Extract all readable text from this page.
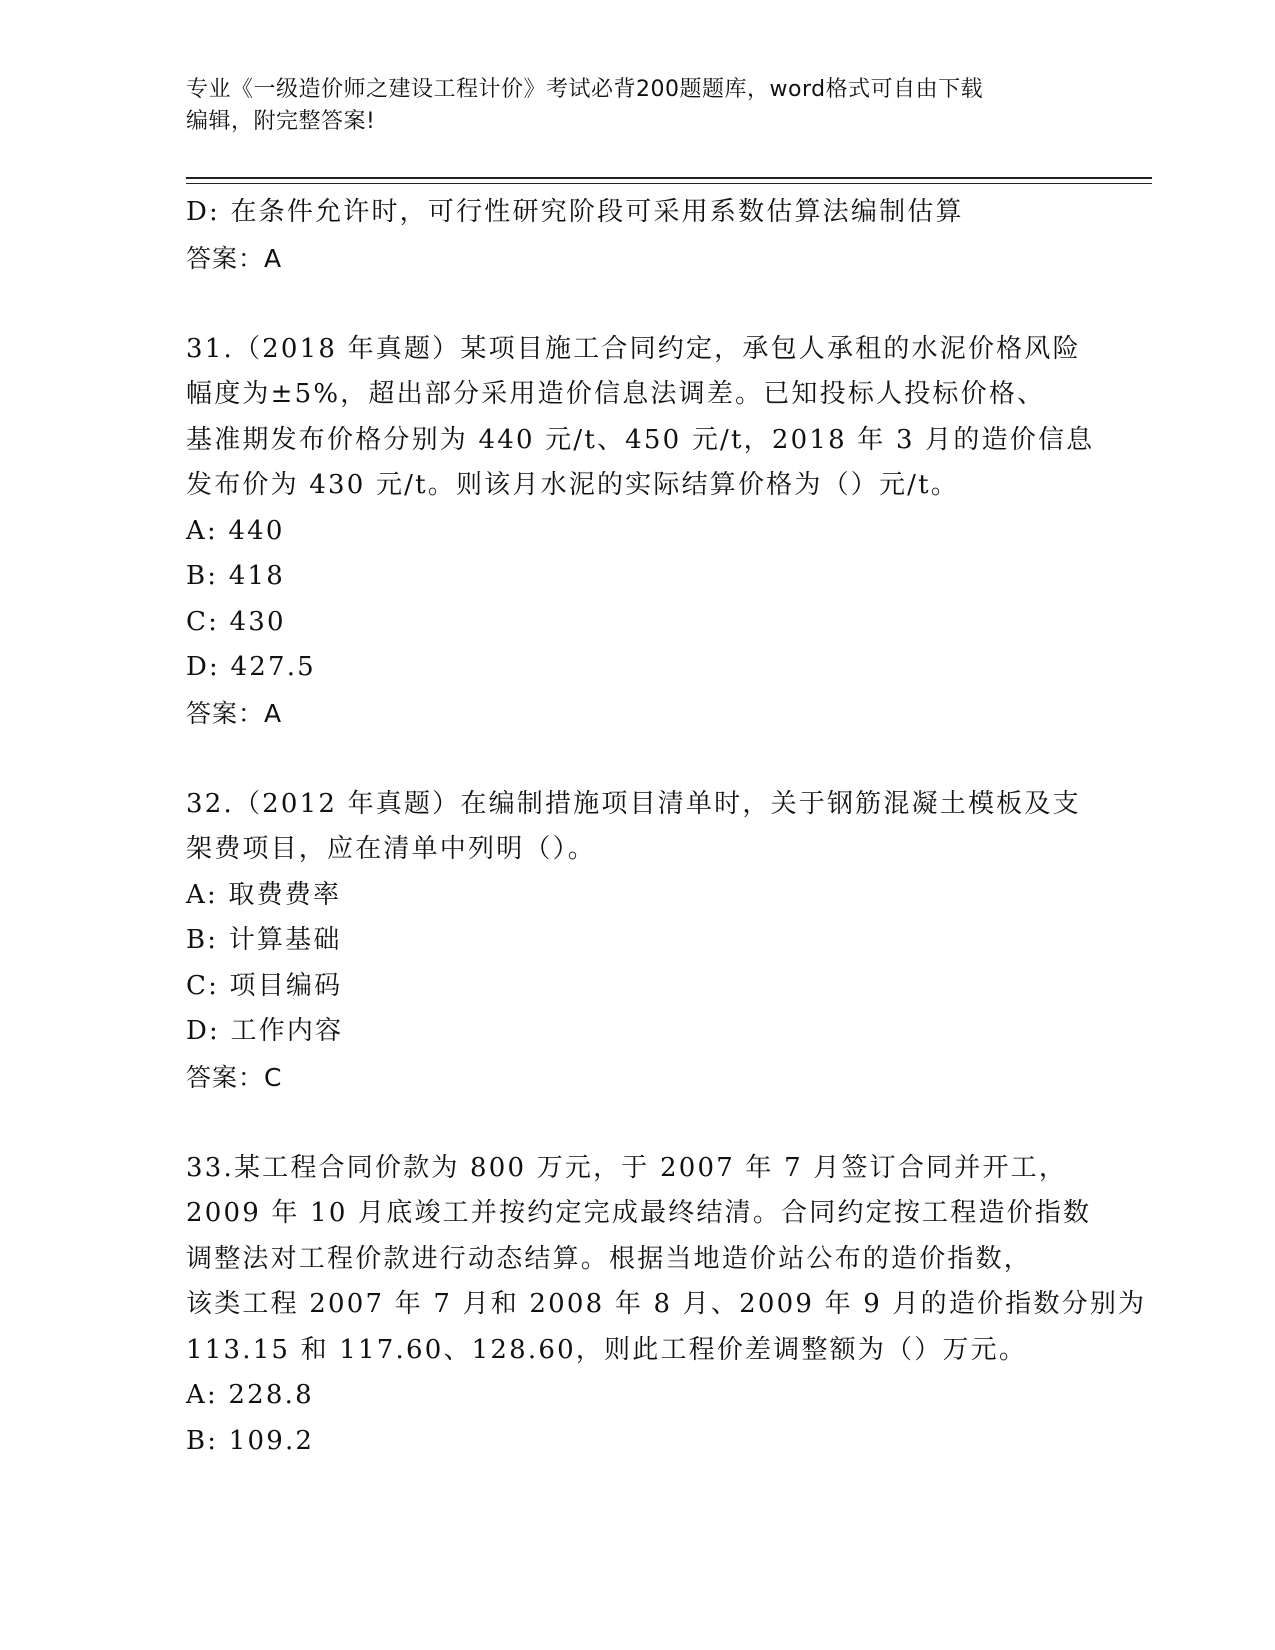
专业《一级造价师之建设工程计价》考试必背200题题库，word格式可自由下载
编辑，附完整答案!
D: 在条件允许时，可行性研究阶段可采用系数估算法编制估算
答案：A
31.（2018 年真题）某项目施工合同约定，承包人承租的水泥价格风险
幅度为±5%，超出部分采用造价信息法调差。已知投标人投标价格、
基准期发布价格分别为 440 元/t、450 元/t，2018 年 3 月的造价信息
发布价为 430 元/t。则该月水泥的实际结算价格为（）元/t。
A: 440
B: 418
C: 430
D: 427.5
答案：A
32.（2012 年真题）在编制措施项目清单时，关于钢筋混凝土模板及支
架费项目，应在清单中列明（）。
A: 取费费率
B: 计算基础
C: 项目编码
D: 工作内容
答案：C
33.某工程合同价款为 800 万元，于 2007 年 7 月签订合同并开工，
2009 年 10 月底竣工并按约定完成最终结清。合同约定按工程造价指数
调整法对工程价款进行动态结算。根据当地造价站公布的造价指数，
该类工程 2007 年 7 月和 2008 年 8 月、2009 年 9 月的造价指数分别为
113.15 和 117.60、128.60，则此工程价差调整额为（）万元。
A: 228.8
B: 109.2
